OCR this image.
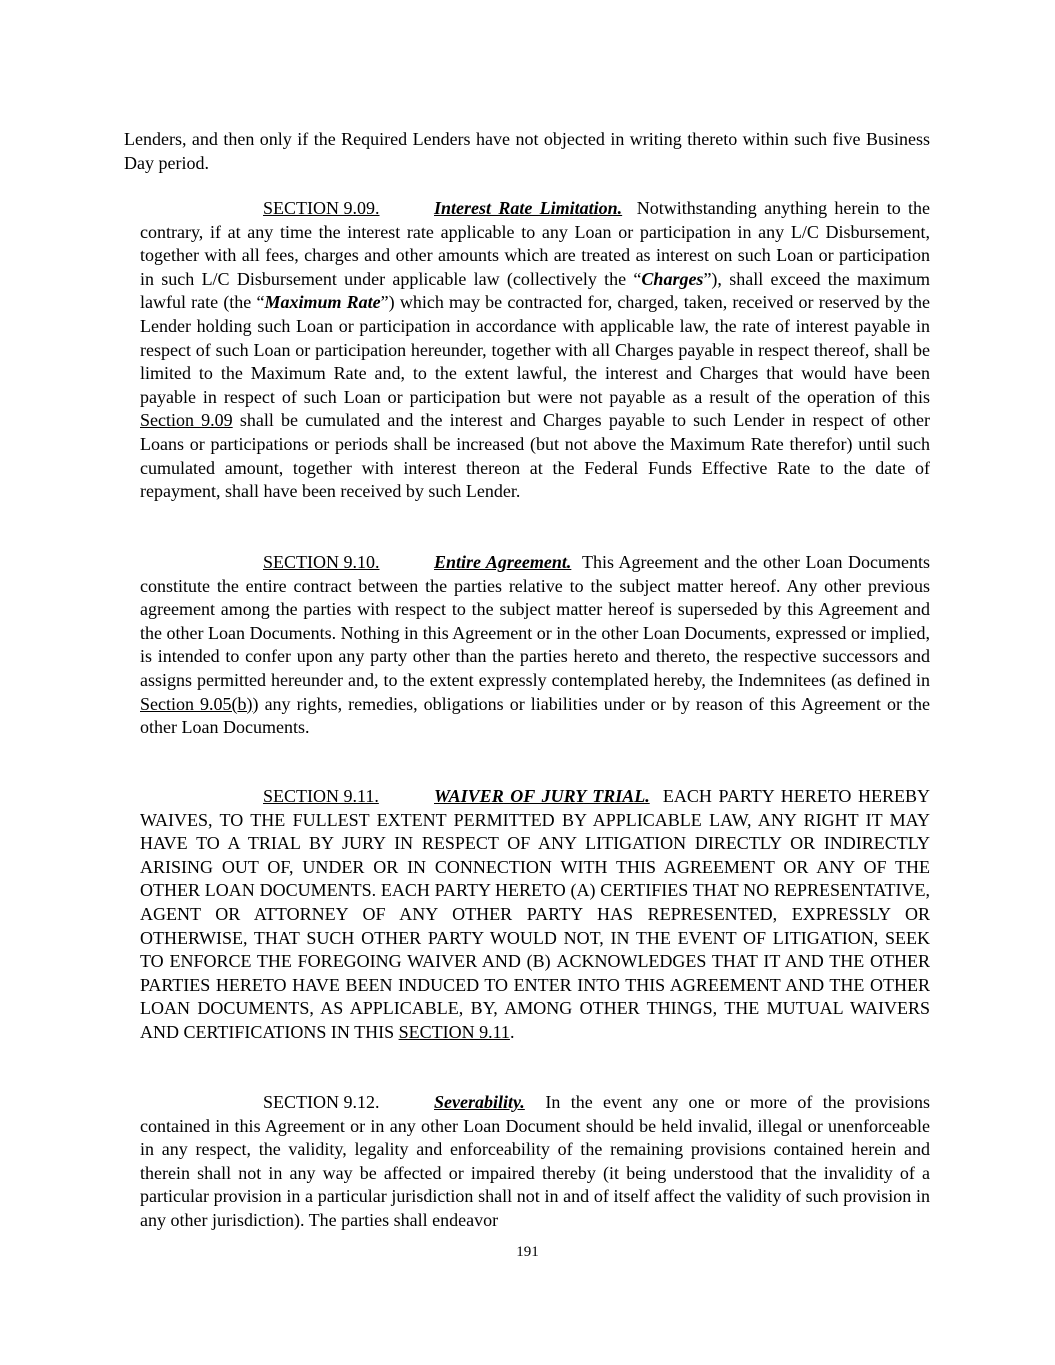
Lenders, and then only if the Required Lenders have not objected in writing thereto within such five Business Day period.

SECTION 9.09.	Interest Rate Limitation. Notwithstanding anything herein to the contrary, if at any time the interest rate applicable to any Loan or participation in any L/C Disbursement, together with all fees, charges and other amounts which are treated as interest on such Loan or participation in such L/C Disbursement under applicable law (collectively the “Charges”), shall exceed the maximum lawful rate (the “Maximum Rate”) which may be contracted for, charged, taken, received or reserved by the Lender holding such Loan or participation in accordance with applicable law, the rate of interest payable in respect of such Loan or participation hereunder, together with all Charges payable in respect thereof, shall be limited to the Maximum Rate and, to the extent lawful, the interest and Charges that would have been payable in respect of such Loan or participation but were not payable as a result of the operation of this Section 9.09 shall be cumulated and the interest and Charges payable to such Lender in respect of other Loans or participations or periods shall be increased (but not above the Maximum Rate therefor) until such cumulated amount, together with interest thereon at the Federal Funds Effective Rate to the date of repayment, shall have been received by such Lender.

SECTION 9.10.	Entire Agreement. This Agreement and the other Loan Documents constitute the entire contract between the parties relative to the subject matter hereof. Any other previous agreement among the parties with respect to the subject matter hereof is superseded by this Agreement and the other Loan Documents. Nothing in this Agreement or in the other Loan Documents, expressed or implied, is intended to confer upon any party other than the parties hereto and thereto, the respective successors and assigns permitted hereunder and, to the extent expressly contemplated hereby, the Indemnitees (as defined in Section 9.05(b)) any rights, remedies, obligations or liabilities under or by reason of this Agreement or the other Loan Documents.

SECTION 9.11.	WAIVER OF JURY TRIAL. EACH PARTY HERETO HEREBY WAIVES, TO THE FULLEST EXTENT PERMITTED BY APPLICABLE LAW, ANY RIGHT IT MAY HAVE TO A TRIAL BY JURY IN RESPECT OF ANY LITIGATION DIRECTLY OR INDIRECTLY ARISING OUT OF, UNDER OR IN CONNECTION WITH THIS AGREEMENT OR ANY OF THE OTHER LOAN DOCUMENTS. EACH PARTY HERETO (A) CERTIFIES THAT NO REPRESENTATIVE, AGENT OR ATTORNEY OF ANY OTHER PARTY HAS REPRESENTED, EXPRESSLY OR OTHERWISE, THAT SUCH OTHER PARTY WOULD NOT, IN THE EVENT OF LITIGATION, SEEK TO ENFORCE THE FOREGOING WAIVER AND (B) ACKNOWLEDGES THAT IT AND THE OTHER PARTIES HERETO HAVE BEEN INDUCED TO ENTER INTO THIS AGREEMENT AND THE OTHER LOAN DOCUMENTS, AS APPLICABLE, BY, AMONG OTHER THINGS, THE MUTUAL WAIVERS AND CERTIFICATIONS IN THIS SECTION 9.11.

SECTION 9.12.	Severability. In the event any one or more of the provisions contained in this Agreement or in any other Loan Document should be held invalid, illegal or unenforceable in any respect, the validity, legality and enforceability of the remaining provisions contained herein and therein shall not in any way be affected or impaired thereby (it being understood that the invalidity of a particular provision in a particular jurisdiction shall not in and of itself affect the validity of such provision in any other jurisdiction). The parties shall endeavor

191
